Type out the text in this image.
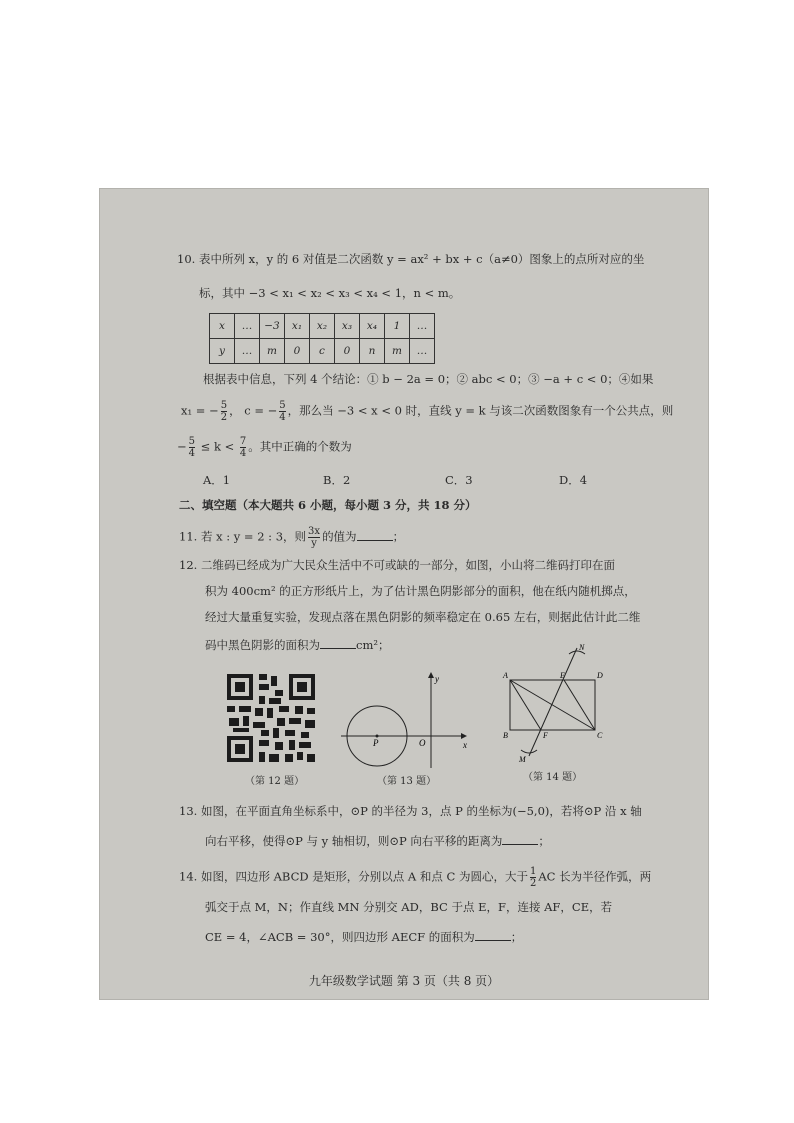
10. 表中所列 x，y 的 6 对值是二次函数 y = ax² + bx + c（a≠0）图象上的点所对应的坐
标，其中 −3 < x₁ < x₂ < x₃ < x₄ < 1，n < m。
x	…	−3	x₁	x₂	x₃	x₄	1	…
y	…	m	0	c	0	n	m	…
根据表中信息，下列 4 个结论：① b − 2a = 0；② abc < 0；③ −a + c < 0；④如果
x₁ = − $\frac{5}{2}$ ， c = − $\frac{5}{4}$ ，那么当 −3 < x < 0 时，直线 y = k 与该二次函数图象有一个公共点，则
− $\frac{5}{4} \le k < \frac{7}{4}$ 。其中正确的个数为
A．1	B．2	C．3	D．4
二、填空题（本大题共 6 小题，每小题 3 分，共 18 分）
11. 若 x : y = 2 : 3，则 $\frac{3x}{y}$ 的值为	；
12. 二维码已经成为广大民众生活中不可或缺的一部分，如图，小山将二维码打印在面
积为 400cm² 的正方形纸片上，为了估计黑色阴影部分的面积，他在纸内随机掷点，
经过大量重复实验，发现点落在黑色阴影的频率稳定在 0.65 左右，则据此估计此二维
码中黑色阴影的面积为	cm²；
（第 12 题）
P	O	x
y
（第 13 题）
N
A	E	D
B	F	C
M
（第 14 题）
13. 如图，在平面直角坐标系中，⊙P 的半径为 3，点 P 的坐标为(−5,0)，若将⊙P 沿 x 轴
向右平移，使得⊙P 与 y 轴相切，则⊙P 向右平移的距离为	；
14. 如图，四边形 ABCD 是矩形，分别以点 A 和点 C 为圆心，大于 $\frac{1}{2}$ AC 长为半径作弧，两
弧交于点 M，N；作直线 MN 分别交 AD，BC 于点 E，F，连接 AF，CE，若
CE = 4，∠ACB = 30°，则四边形 AECF 的面积为	；
九年级数学试题 第 3 页（共 8 页）
